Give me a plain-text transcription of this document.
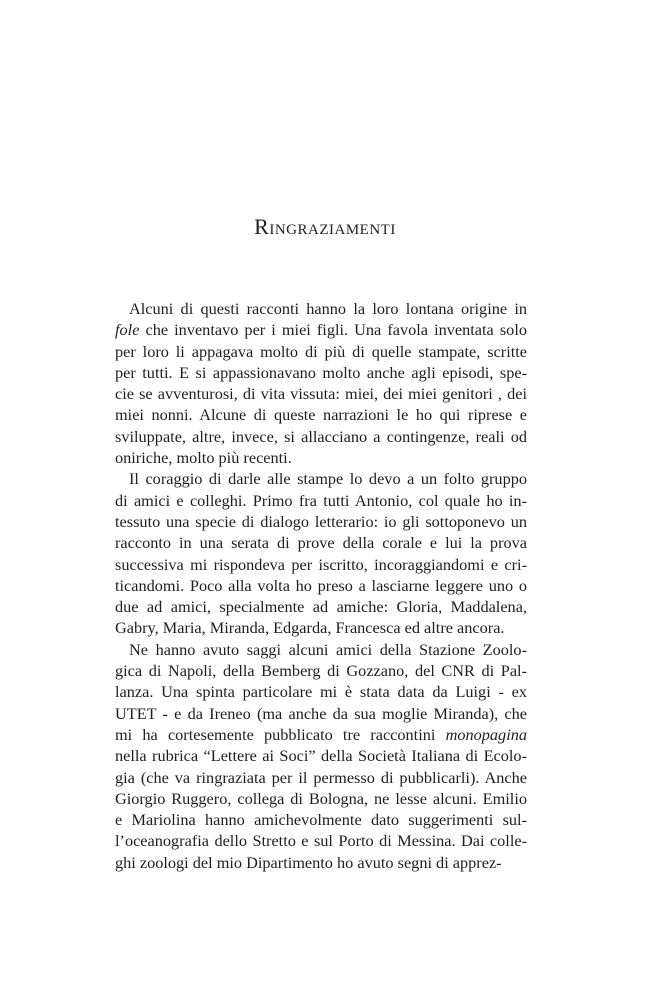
Ringraziamenti
Alcuni di questi racconti hanno la loro lontana origine in
fole che inventavo per i miei figli. Una favola inventata solo
per loro li appagava molto di più di quelle stampate, scritte
per tutti. E si appassionavano molto anche agli episodi, spe-
cie se avventurosi, di vita vissuta: miei, dei miei genitori , dei
miei nonni. Alcune di queste narrazioni le ho qui riprese e
sviluppate, altre, invece, si allacciano a contingenze, reali od
oniriche, molto più recenti.
Il coraggio di darle alle stampe lo devo a un folto gruppo
di amici e colleghi. Primo fra tutti Antonio, col quale ho in-
tessuto una specie di dialogo letterario: io gli sottoponevo un
racconto in una serata di prove della corale e lui la prova
successiva mi rispondeva per iscritto, incoraggiandomi e cri-
ticandomi. Poco alla volta ho preso a lasciarne leggere uno o
due ad amici, specialmente ad amiche: Gloria, Maddalena,
Gabry, Maria, Miranda, Edgarda, Francesca ed altre ancora.
Ne hanno avuto saggi alcuni amici della Stazione Zoolo-
gica di Napoli, della Bemberg di Gozzano, del CNR di Pal-
lanza. Una spinta particolare mi è stata data da Luigi - ex
UTET - e da Ireneo (ma anche da sua moglie Miranda), che
mi ha cortesemente pubblicato tre raccontini monopagina
nella rubrica “Lettere ai Soci” della Società Italiana di Ecolo-
gia (che va ringraziata per il permesso di pubblicarli). Anche
Giorgio Ruggero, collega di Bologna, ne lesse alcuni. Emilio
e Mariolina hanno amichevolmente dato suggerimenti sul-
l’oceanografia dello Stretto e sul Porto di Messina. Dai colle-
ghi zoologi del mio Dipartimento ho avuto segni di apprez-
